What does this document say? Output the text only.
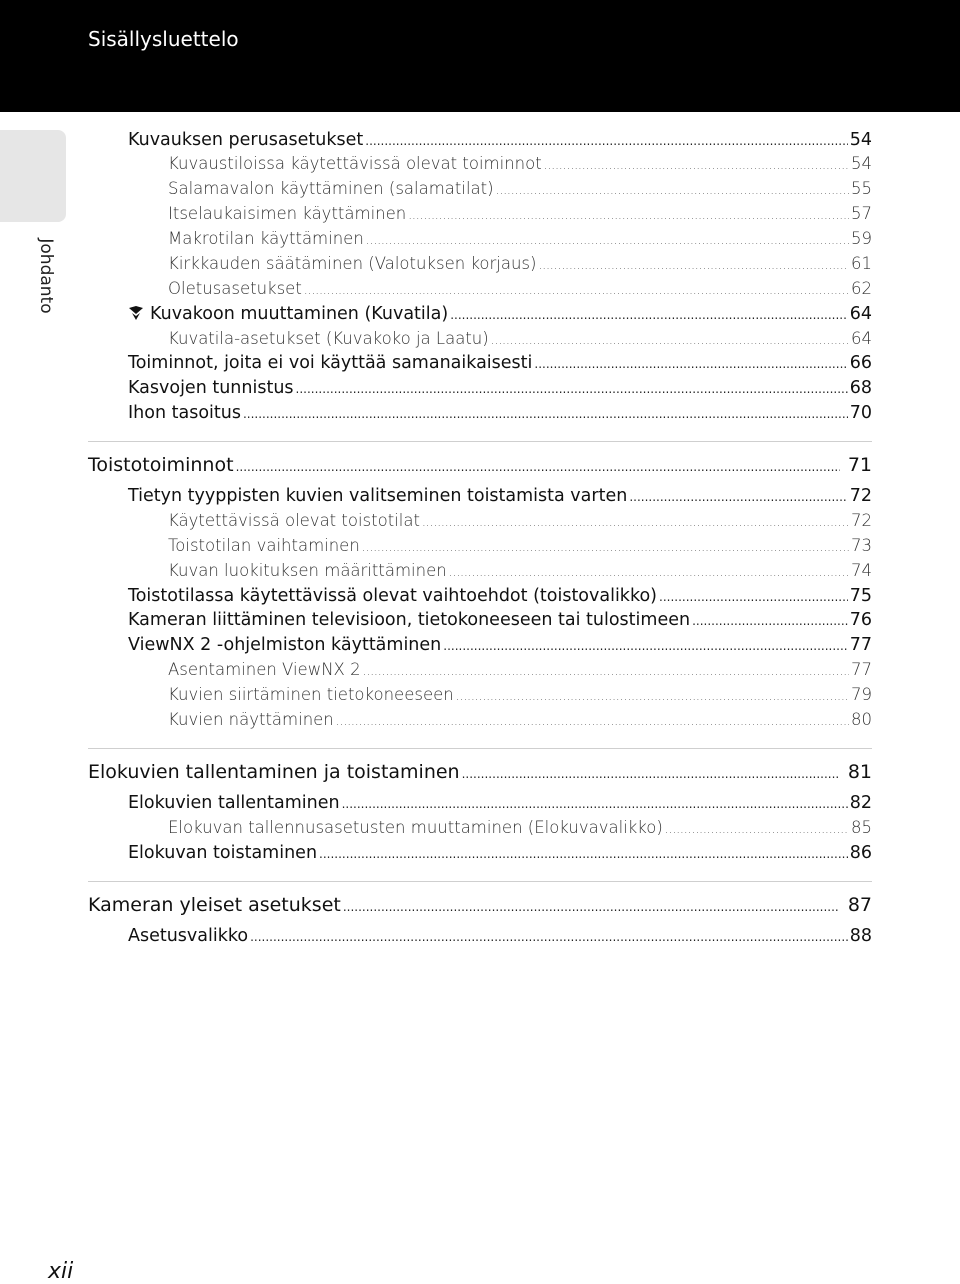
Sisällysluettelo
Johdanto
Kuvauksen perusasetukset .....	54
Kuvaustiloissa käytettävissä olevat toiminnot .....	54
Salamavalon käyttäminen (salamatilat) .....	55
Itselaukaisimen käyttäminen .....	57
Makrotilan käyttäminen .....	59
Kirkkauden säätäminen (Valotuksen korjaus) .....	61
Oletusasetukset .....	62
Kuvakoon muuttaminen (Kuvatila) .....	64
Kuvatila-asetukset (Kuvakoko ja Laatu) .....	64
Toiminnot, joita ei voi käyttää samanaikaisesti .....	66
Kasvojen tunnistus .....	68
Ihon tasoitus .....	70
Toistotoiminnot .....	71
Tietyn tyyppisten kuvien valitseminen toistamista varten .....	72
Käytettävissä olevat toistotilat .....	72
Toistotilan vaihtaminen .....	73
Kuvan luokituksen määrittäminen .....	74
Toistotilassa käytettävissä olevat vaihtoehdot (toistovalikko) .....	75
Kameran liittäminen televisioon, tietokoneeseen tai tulostimeen .....	76
ViewNX 2 -ohjelmiston käyttäminen .....	77
Asentaminen ViewNX 2 .....	77
Kuvien siirtäminen tietokoneeseen .....	79
Kuvien näyttäminen .....	80
Elokuvien tallentaminen ja toistaminen .....	81
Elokuvien tallentaminen .....	82
Elokuvan tallennusasetusten muuttaminen (Elokuvavalikko) .....	85
Elokuvan toistaminen .....	86
Kameran yleiset asetukset .....	87
Asetusvalikko .....	88
xii
